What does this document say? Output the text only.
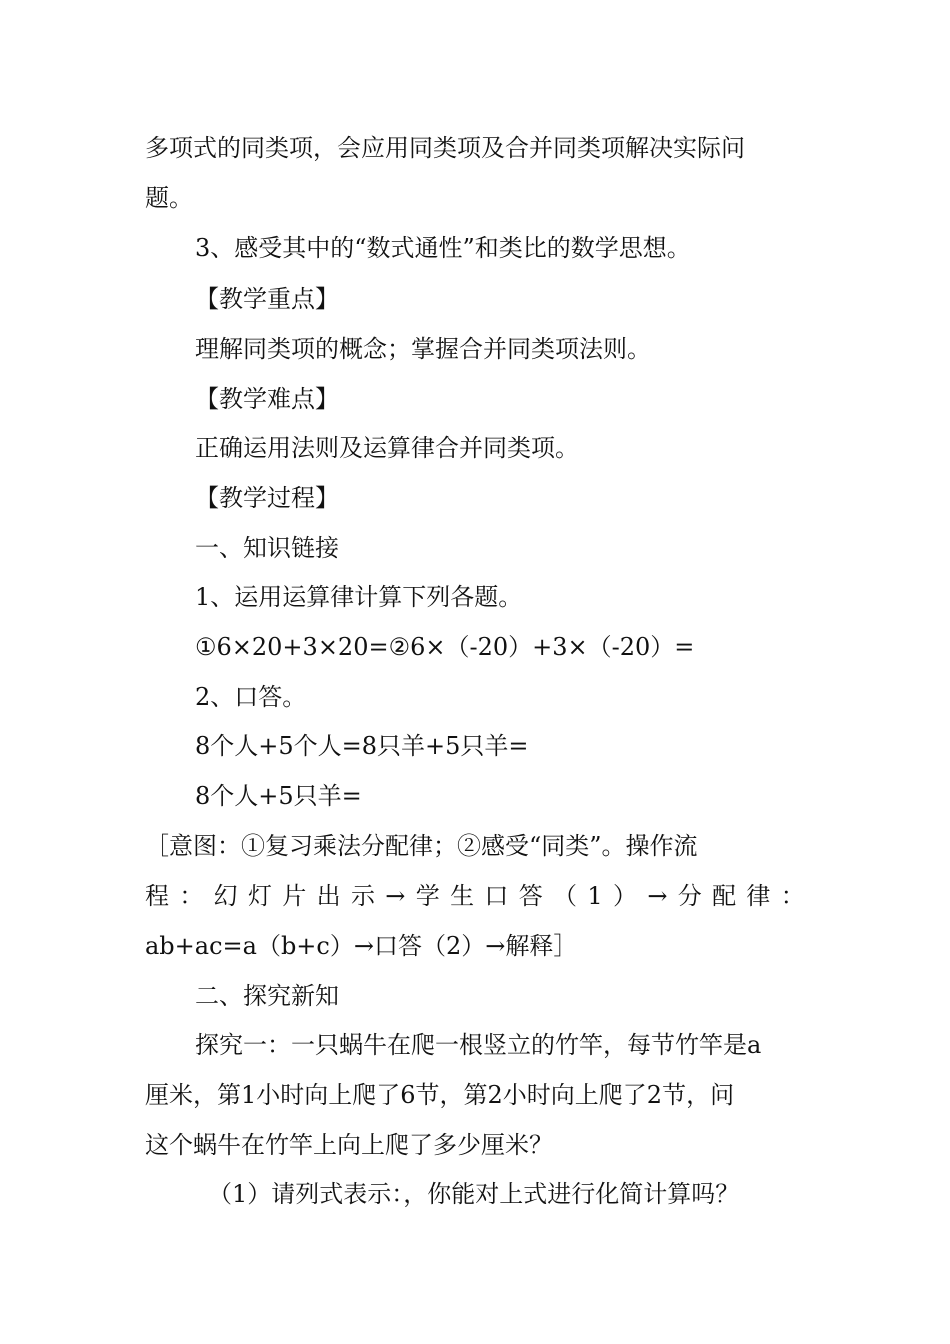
多项式的同类项，会应用同类项及合并同类项解决实际问
题。
3、感受其中的“数式通性”和类比的数学思想。
【教学重点】
理解同类项的概念；掌握合并同类项法则。
【教学难点】
正确运用法则及运算律合并同类项。
【教学过程】
一、知识链接
1、运用运算律计算下列各题。
①6×20+3×20=②6×（-20）+3×（-20）=
2、口答。
8个人+5个人=8只羊+5只羊=
8个人+5只羊=
［意图：①复习乘法分配律；②感受“同类”。操作流
程 ： 幻 灯 片 出 示 → 学 生 口 答 （ 1 ） → 分 配 律 ：
ab+ac=a（b+c）→口答（2）→解释］
二、探究新知
探究一：一只蜗牛在爬一根竖立的竹竿，每节竹竿是a
厘米，第1小时向上爬了6节，第2小时向上爬了2节，问
这个蜗牛在竹竿上向上爬了多少厘米？
（1）请列式表示：，你能对上式进行化简计算吗？
